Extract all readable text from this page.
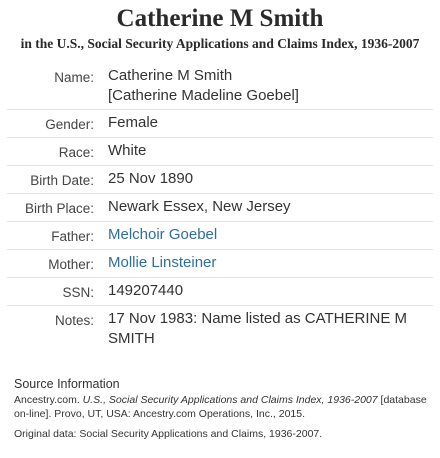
Catherine M Smith
in the U.S., Social Security Applications and Claims Index, 1936-2007
Name:	Catherine M Smith
[Catherine Madeline Goebel]

Gender:	Female
Race:	White
Birth Date:	25 Nov 1890
Birth Place:	Newark Essex, New Jersey
Father:	Melchoir Goebel
Mother:	Mollie Linsteiner
SSN:	149207440
Notes:	17 Nov 1983: Name listed as CATHERINE M SMITH
Source Information
Ancestry.com. U.S., Social Security Applications and Claims Index, 1936-2007 [database on-line]. Provo, UT, USA: Ancestry.com Operations, Inc., 2015.
Original data: Social Security Applications and Claims, 1936-2007.
